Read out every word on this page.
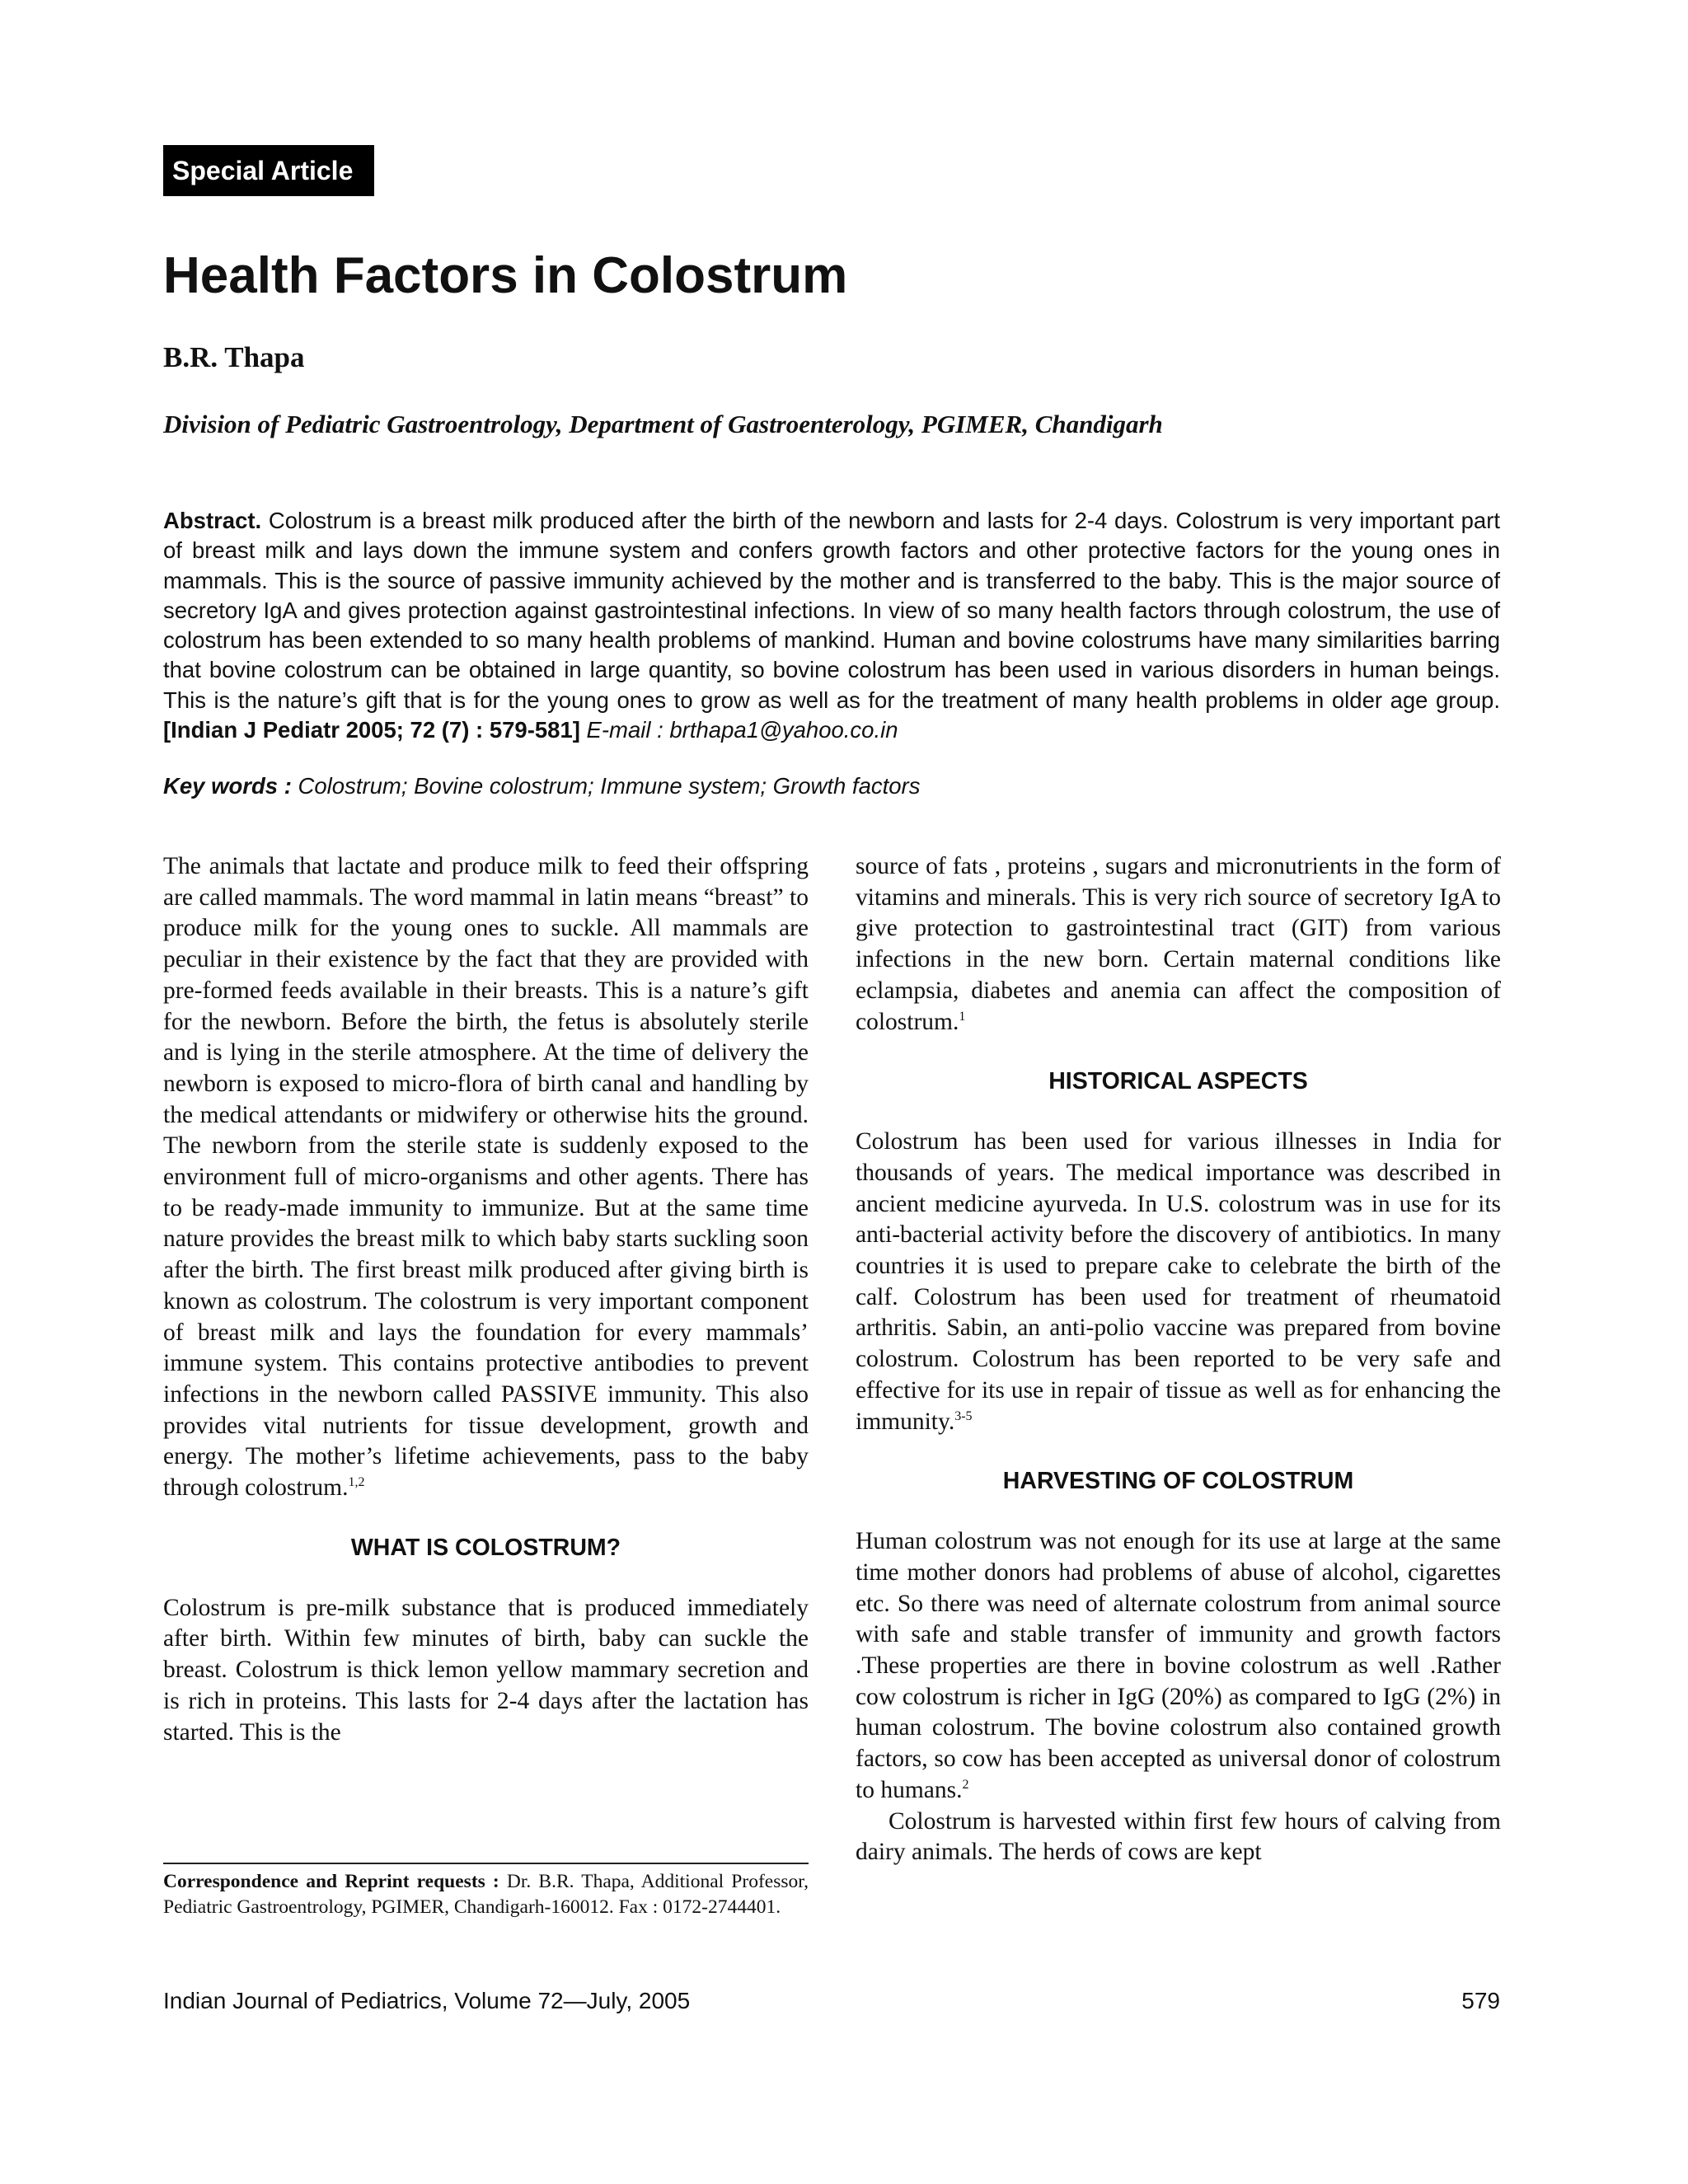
Special Article
Health Factors in Colostrum
B.R. Thapa
Division of Pediatric Gastroentrology, Department of Gastroenterology, PGIMER, Chandigarh

Abstract. Colostrum is a breast milk produced after the birth of the newborn and lasts for 2-4 days. Colostrum is very important part of breast milk and lays down the immune system and confers growth factors and other protective factors for the young ones in mammals. This is the source of passive immunity achieved by the mother and is transferred to the baby. This is the major source of secretory IgA and gives protection against gastrointestinal infections. In view of so many health factors through colostrum, the use of colostrum has been extended to so many health problems of mankind. Human and bovine colostrums have many similarities barring that bovine colostrum can be obtained in large quantity, so bovine colostrum has been used in various disorders in human beings. This is the nature’s gift that is for the young ones to grow as well as for the treatment of many health problems in older age group. [Indian J Pediatr 2005; 72 (7) : 579-581] E-mail : brthapa1@yahoo.co.in

Key words : Colostrum; Bovine colostrum; Immune system; Growth factors

The animals that lactate and produce milk to feed their offspring are called mammals. The word mammal in latin means “breast” to produce milk for the young ones to suckle. All mammals are peculiar in their existence by the fact that they are provided with pre-formed feeds available in their breasts. This is a nature’s gift for the newborn. Before the birth, the fetus is absolutely sterile and is lying in the sterile atmosphere. At the time of delivery the newborn is exposed to micro-flora of birth canal and handling by the medical attendants or midwifery or otherwise hits the ground. The newborn from the sterile state is suddenly exposed to the environment full of micro-organisms and other agents. There has to be ready-made immunity to immunize. But at the same time nature provides the breast milk to which baby starts suckling soon after the birth. The first breast milk produced after giving birth is known as colostrum. The colostrum is very important component of breast milk and lays the foundation for every mammals’ immune system. This contains protective antibodies to prevent infections in the newborn called PASSIVE immunity. This also provides vital nutrients for tissue development, growth and energy. The mother’s lifetime achievements, pass to the baby through colostrum.$^{1,2}$

WHAT IS COLOSTRUM?

Colostrum is pre-milk substance that is produced immediately after birth. Within few minutes of birth, baby can suckle the breast. Colostrum is thick lemon yellow mammary secretion and is rich in proteins. This lasts for 2-4 days after the lactation has started. This is the

source of fats , proteins , sugars and micronutrients in the form of vitamins and minerals. This is very rich source of secretory IgA to give protection to gastrointestinal tract (GIT) from various infections in the new born. Certain maternal conditions like eclampsia, diabetes and anemia can affect the composition of colostrum.$^1$

HISTORICAL ASPECTS

Colostrum has been used for various illnesses in India for thousands of years. The medical importance was described in ancient medicine ayurveda. In U.S. colostrum was in use for its anti-bacterial activity before the discovery of antibiotics. In many countries it is used to prepare cake to celebrate the birth of the calf. Colostrum has been used for treatment of rheumatoid arthritis. Sabin, an anti-polio vaccine was prepared from bovine colostrum. Colostrum has been reported to be very safe and effective for its use in repair of tissue as well as for enhancing the immunity.$^{3-5}$

HARVESTING OF COLOSTRUM

Human colostrum was not enough for its use at large at the same time mother donors had problems of abuse of alcohol, cigarettes etc. So there was need of alternate colostrum from animal source with safe and stable transfer of immunity and growth factors .These properties are there in bovine colostrum as well .Rather cow colostrum is richer in IgG (20%) as compared to IgG (2%) in human colostrum. The bovine colostrum also contained growth factors, so cow has been accepted as universal donor of colostrum to humans.$^2$

Colostrum is harvested within first few hours of calving from dairy animals. The herds of cows are kept

Correspondence and Reprint requests : Dr. B.R. Thapa, Additional Professor, Pediatric Gastroentrology, PGIMER, Chandigarh-160012. Fax : 0172-2744401.

Indian Journal of Pediatrics, Volume 72—July, 2005	579
